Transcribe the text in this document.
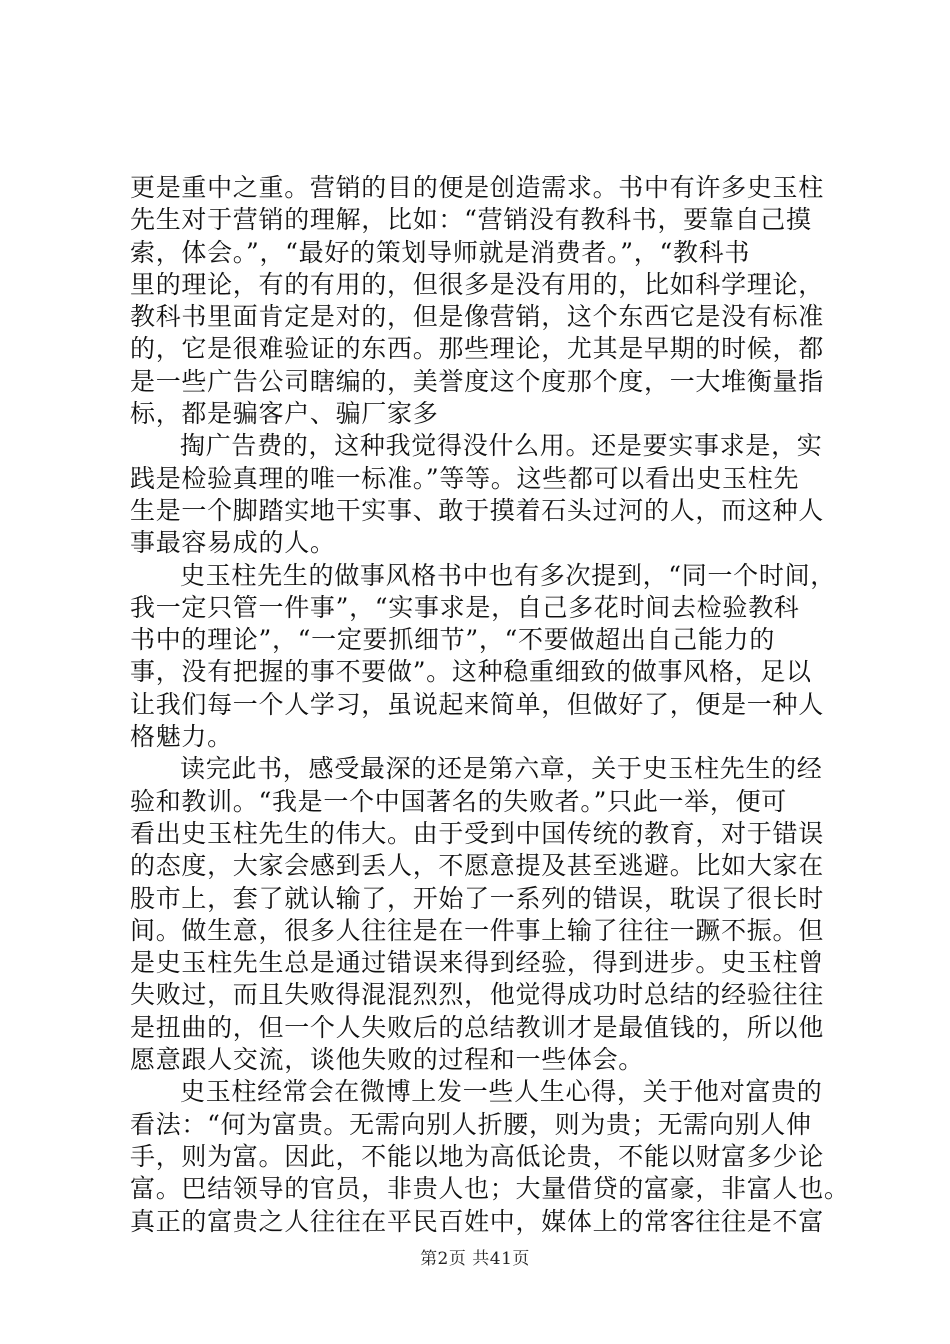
更是重中之重。营销的目的便是创造需求。书中有许多史玉柱
先生对于营销的理解，比如：“营销没有教科书，要靠自己摸
索，体会。”，“最好的策划导师就是消费者。”，“教科书
里的理论，有的有用的，但很多是没有用的，比如科学理论，
教科书里面肯定是对的，但是像营销，这个东西它是没有标准
的，它是很难验证的东西。那些理论，尤其是早期的时候，都
是一些广告公司瞎编的，美誉度这个度那个度，一大堆衡量指
标，都是骗客户、骗厂家多
掏广告费的，这种我觉得没什么用。还是要实事求是，实
践是检验真理的唯一标准。”等等。这些都可以看出史玉柱先
生是一个脚踏实地干实事、敢于摸着石头过河的人，而这种人
事最容易成的人。
史玉柱先生的做事风格书中也有多次提到，“同一个时间，
我一定只管一件事”，“实事求是，自己多花时间去检验教科
书中的理论”，“一定要抓细节”，“不要做超出自己能力的
事，没有把握的事不要做”。这种稳重细致的做事风格，足以
让我们每一个人学习，虽说起来简单，但做好了，便是一种人
格魅力。
读完此书，感受最深的还是第六章，关于史玉柱先生的经
验和教训。“我是一个中国著名的失败者。”只此一举，便可
看出史玉柱先生的伟大。由于受到中国传统的教育，对于错误
的态度，大家会感到丢人，不愿意提及甚至逃避。比如大家在
股市上，套了就认输了，开始了一系列的错误，耽误了很长时
间。做生意，很多人往往是在一件事上输了往往一蹶不振。但
是史玉柱先生总是通过错误来得到经验，得到进步。史玉柱曾
失败过，而且失败得混混烈烈，他觉得成功时总结的经验往往
是扭曲的，但一个人失败后的总结教训才是最值钱的，所以他
愿意跟人交流，谈他失败的过程和一些体会。
史玉柱经常会在微博上发一些人生心得，关于他对富贵的
看法：“何为富贵。无需向别人折腰，则为贵；无需向别人伸
手，则为富。因此，不能以地为高低论贵，不能以财富多少论
富。巴结领导的官员，非贵人也；大量借贷的富豪，非富人也。
真正的富贵之人往往在平民百姓中，媒体上的常客往往是不富
第2页 共41页
